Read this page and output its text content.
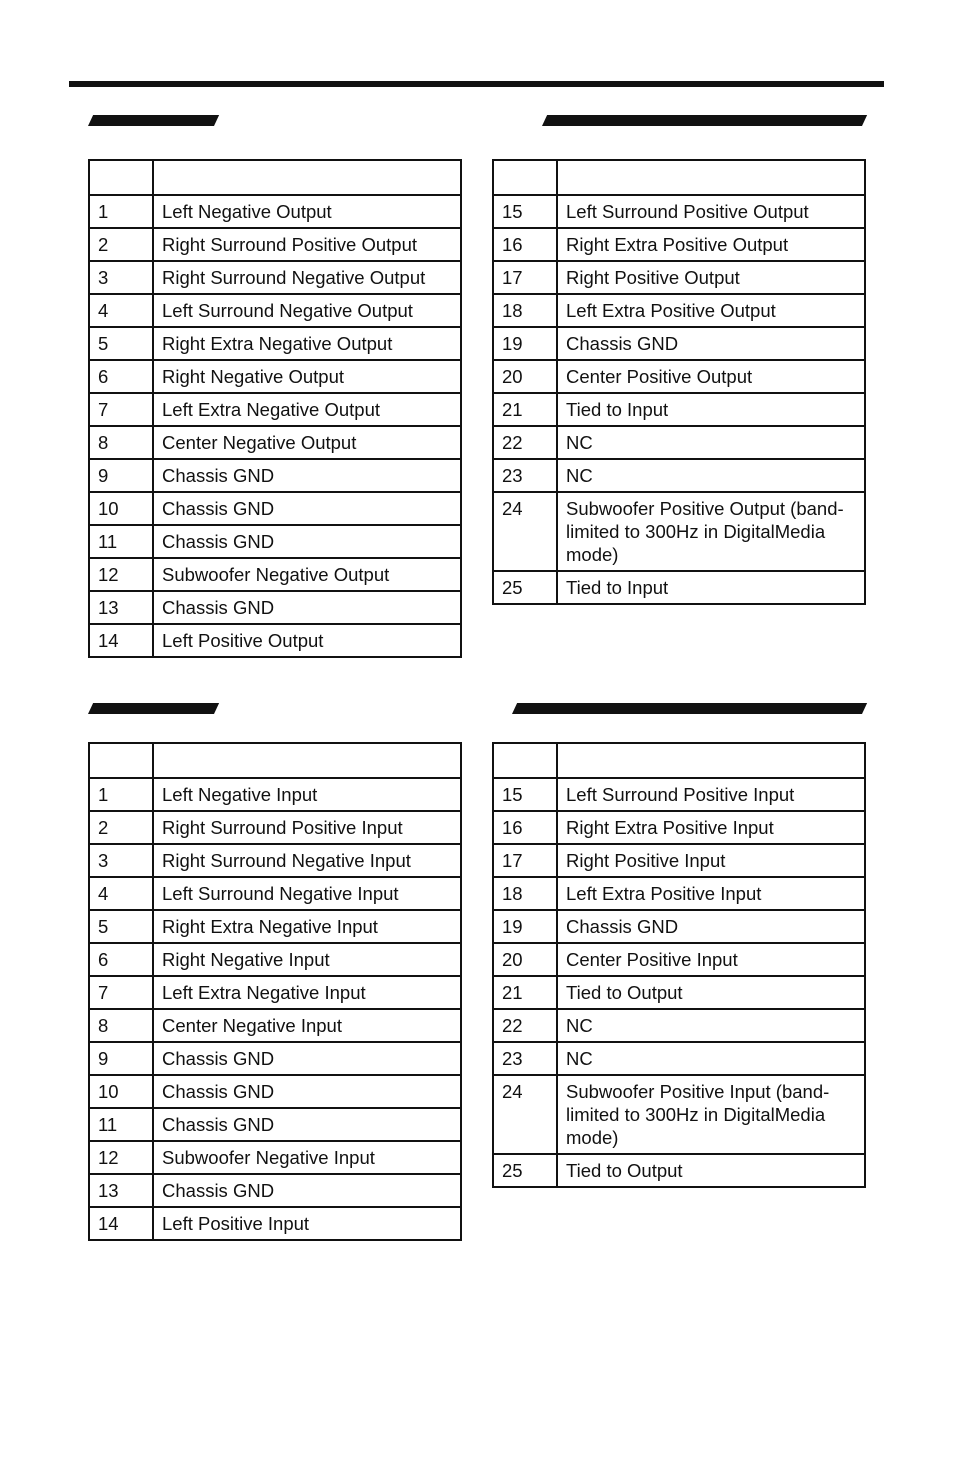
1	Left Negative Output
2	Right Surround Positive Output
3	Right Surround Negative Output
4	Left Surround Negative Output
5	Right Extra Negative Output
6	Right Negative Output
7	Left Extra Negative Output
8	Center Negative Output
9	Chassis GND
10	Chassis GND
11	Chassis GND
12	Subwoofer Negative Output
13	Chassis GND
14	Left Positive Output

15	Left Surround Positive Output
16	Right Extra Positive Output
17	Right Positive Output
18	Left Extra Positive Output
19	Chassis GND
20	Center Positive Output
21	Tied to Input
22	NC
23	NC
24	Subwoofer Positive Output (band-limited to 300Hz in DigitalMedia mode)
25	Tied to Input

1	Left Negative Input
2	Right Surround Positive Input
3	Right Surround Negative Input
4	Left Surround Negative Input
5	Right Extra Negative Input
6	Right Negative Input
7	Left Extra Negative Input
8	Center Negative Input
9	Chassis GND
10	Chassis GND
11	Chassis GND
12	Subwoofer Negative Input
13	Chassis GND
14	Left Positive Input

15	Left Surround Positive Input
16	Right Extra Positive Input
17	Right Positive Input
18	Left Extra Positive Input
19	Chassis GND
20	Center Positive Input
21	Tied to Output
22	NC
23	NC
24	Subwoofer Positive Input (band-limited to 300Hz in DigitalMedia mode)
25	Tied to Output
